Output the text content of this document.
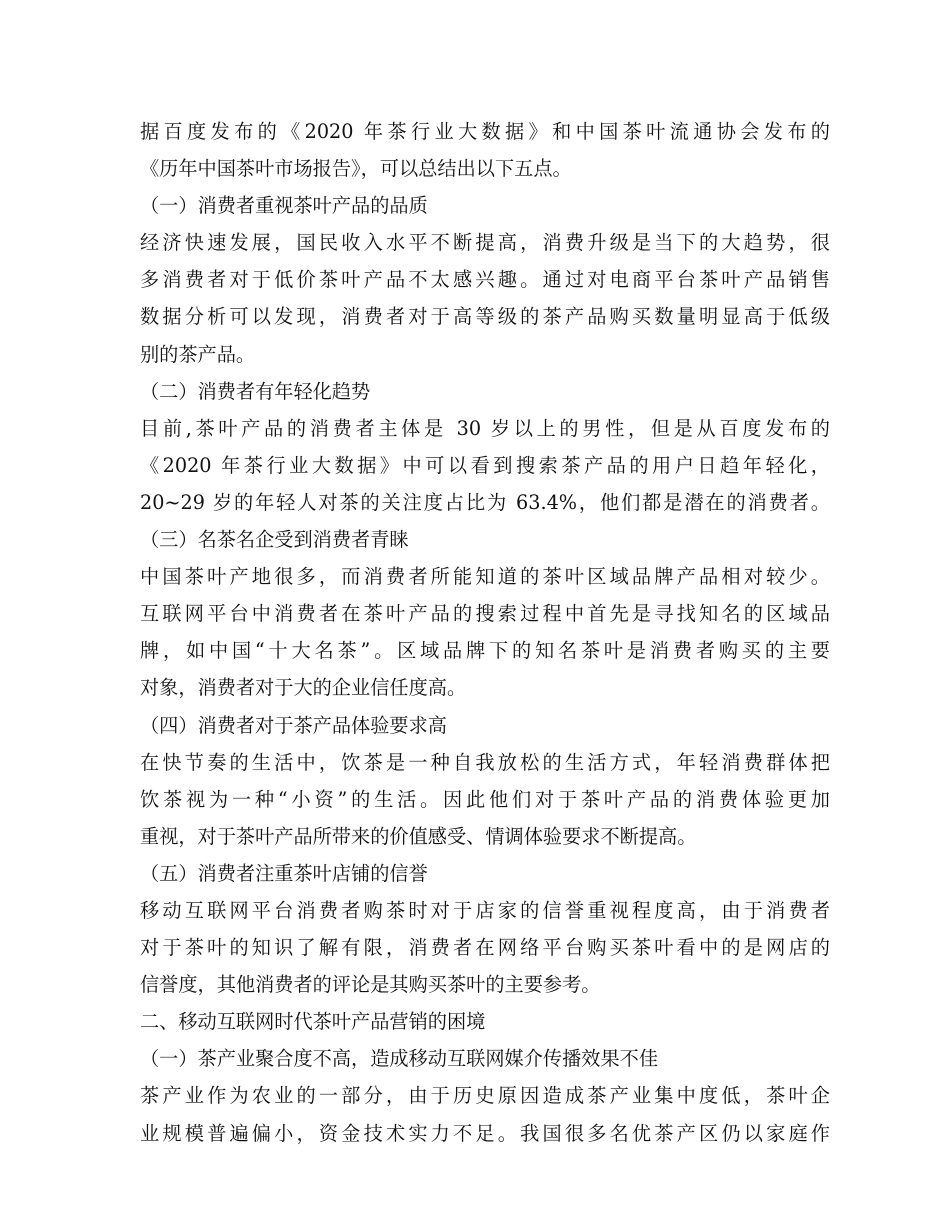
据百度发布的《2020 年茶行业大数据》和中国茶叶流通协会发布的
《历年中国茶叶市场报告》，可以总结出以下五点。
（一）消费者重视茶叶产品的品质
经济快速发展，国民收入水平不断提高，消费升级是当下的大趋势，很
多消费者对于低价茶叶产品不太感兴趣。通过对电商平台茶叶产品销售
数据分析可以发现，消费者对于高等级的茶产品购买数量明显高于低级
别的茶产品。
（二）消费者有年轻化趋势
目前,茶叶产品的消费者主体是 30 岁以上的男性，但是从百度发布的
《2020 年茶行业大数据》中可以看到搜索茶产品的用户日趋年轻化，
20~29 岁的年轻人对茶的关注度占比为 63.4%，他们都是潜在的消费者。
（三）名茶名企受到消费者青睐
中国茶叶产地很多，而消费者所能知道的茶叶区域品牌产品相对较少。
互联网平台中消费者在茶叶产品的搜索过程中首先是寻找知名的区域品
牌，如中国“十大名茶”。区域品牌下的知名茶叶是消费者购买的主要
对象，消费者对于大的企业信任度高。
（四）消费者对于茶产品体验要求高
在快节奏的生活中，饮茶是一种自我放松的生活方式，年轻消费群体把
饮茶视为一种“小资”的生活。因此他们对于茶叶产品的消费体验更加
重视，对于茶叶产品所带来的价值感受、情调体验要求不断提高。
（五）消费者注重茶叶店铺的信誉
移动互联网平台消费者购茶时对于店家的信誉重视程度高，由于消费者
对于茶叶的知识了解有限，消费者在网络平台购买茶叶看中的是网店的
信誉度，其他消费者的评论是其购买茶叶的主要参考。
二、移动互联网时代茶叶产品营销的困境
（一）茶产业聚合度不高，造成移动互联网媒介传播效果不佳
茶产业作为农业的一部分，由于历史原因造成茶产业集中度低，茶叶企
业规模普遍偏小，资金技术实力不足。我国很多名优茶产区仍以家庭作
